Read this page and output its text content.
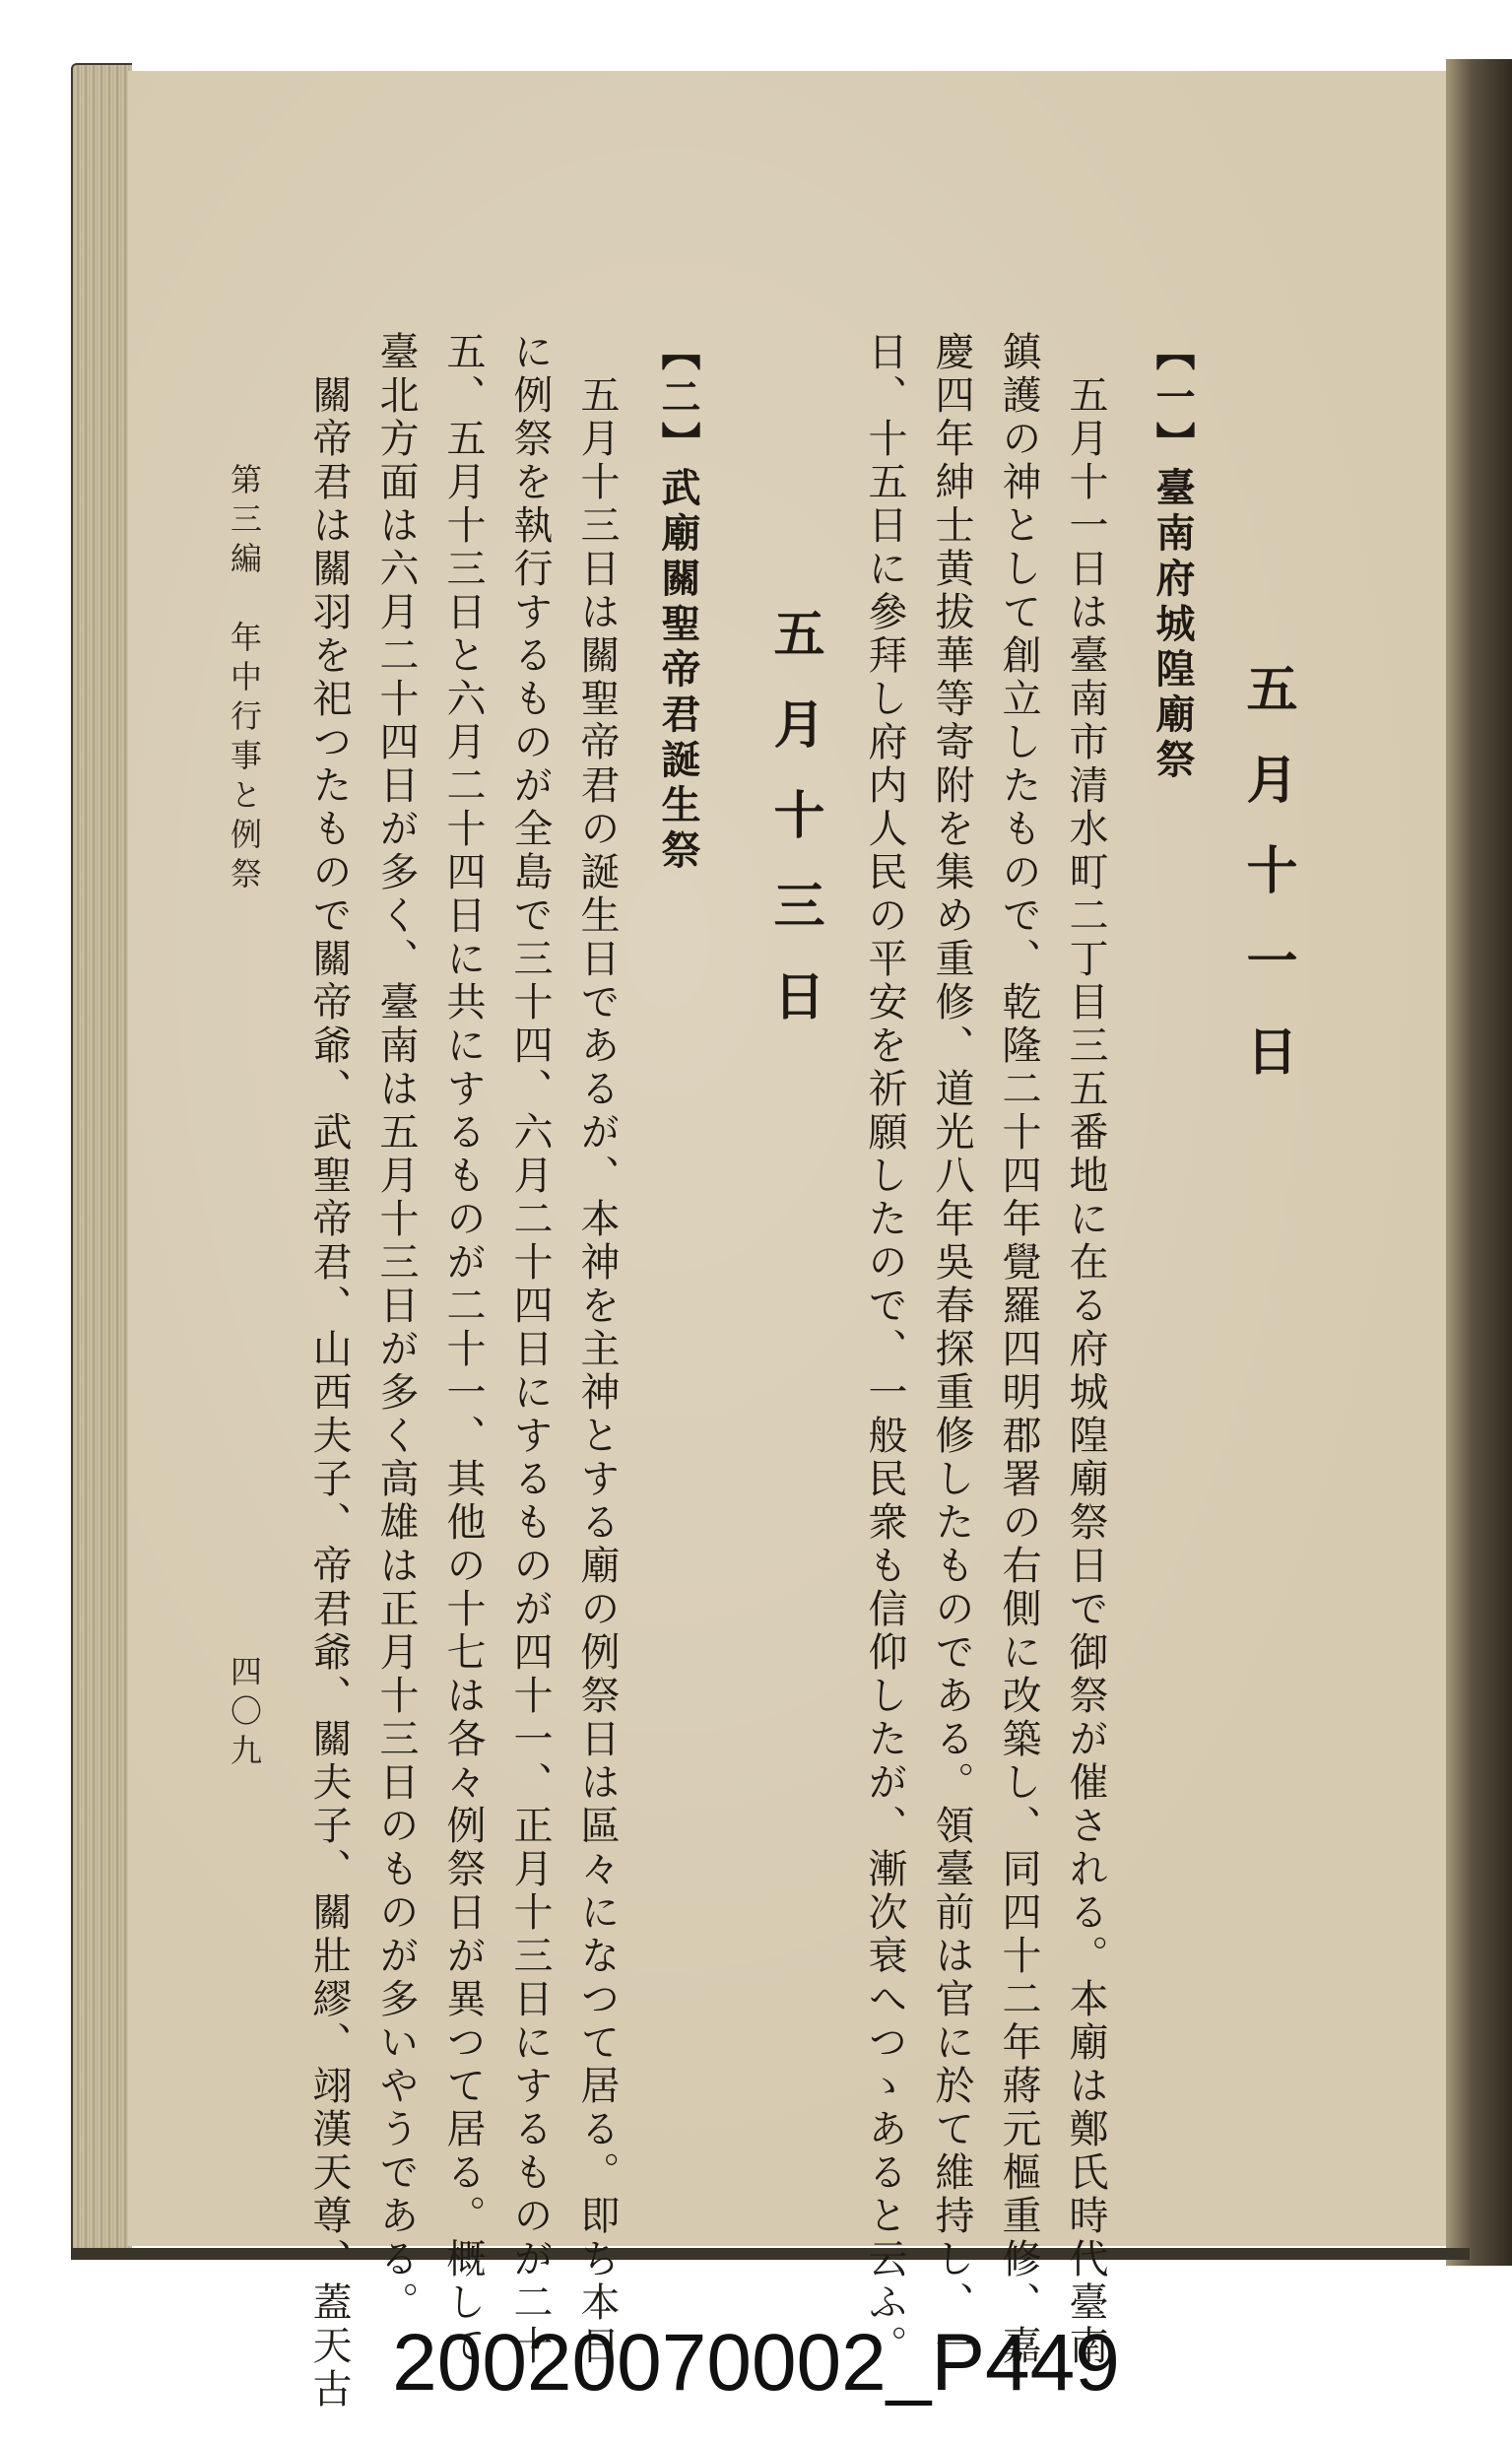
五月十一日
【一】臺南府城隍廟祭
五月十一日は臺南市清水町二丁目三五番地に在る府城隍廟祭日で御祭が催される。本廟は鄭氏時代臺南
鎮護の神として創立したもので、乾隆二十四年覺羅四明郡署の右側に改築し、同四十二年蔣元樞重修、嘉
慶四年紳士黄拔華等寄附を集め重修、道光八年吳春探重修したものである。領臺前は官に於て維持し、一
日、十五日に參拜し府内人民の平安を祈願したので、一般民衆も信仰したが、漸次衰へつゝあると云ふ。
五月十三日
【二】武廟關聖帝君誕生祭
五月十三日は關聖帝君の誕生日であるが、本神を主神とする廟の例祭日は區々になつて居る。即ち本日
に例祭を執行するものが全島で三十四、六月二十四日にするものが四十一、正月十三日にするものが二十
五、五月十三日と六月二十四日に共にするものが二十一、其他の十七は各々例祭日が異つて居る。概して
臺北方面は六月二十四日が多く、臺南は五月十三日が多く高雄は正月十三日のものが多いやうである。
關帝君は關羽を祀つたもので關帝爺、武聖帝君、山西夫子、帝君爺、關夫子、關壯繆、翊漢天尊、蓋天古
第三編　年中行事と例祭
四〇九
20020070002_P449
